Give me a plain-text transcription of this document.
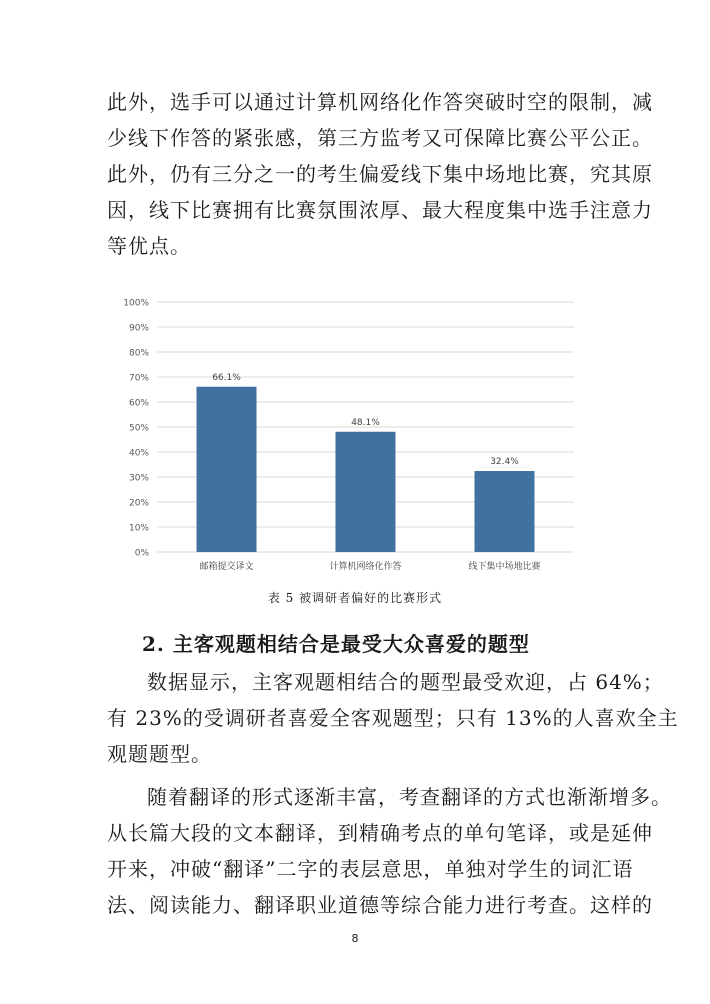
此外，选手可以通过计算机网络化作答突破时空的限制，减
少线下作答的紧张感，第三方监考又可保障比赛公平公正。
此外，仍有三分之一的考生偏爱线下集中场地比赛，究其原
因，线下比赛拥有比赛氛围浓厚、最大程度集中选手注意力
等优点。
0%
10%
20%
30%
40%
50%
60%
70%
80%
90%
100%
66.1%
邮箱提交译文
48.1%
计算机网络化作答
32.4%
线下集中场地比赛
表 5 被调研者偏好的比赛形式
2. 主客观题相结合是最受大众喜爱的题型
数据显示，主客观题相结合的题型最受欢迎，占 64%；
有 23%的受调研者喜爱全客观题型；只有 13%的人喜欢全主
观题题型。
随着翻译的形式逐渐丰富，考查翻译的方式也渐渐增多。
从长篇大段的文本翻译，到精确考点的单句笔译，或是延伸
开来，冲破“翻译”二字的表层意思，单独对学生的词汇语
法、阅读能力、翻译职业道德等综合能力进行考查。这样的
8
